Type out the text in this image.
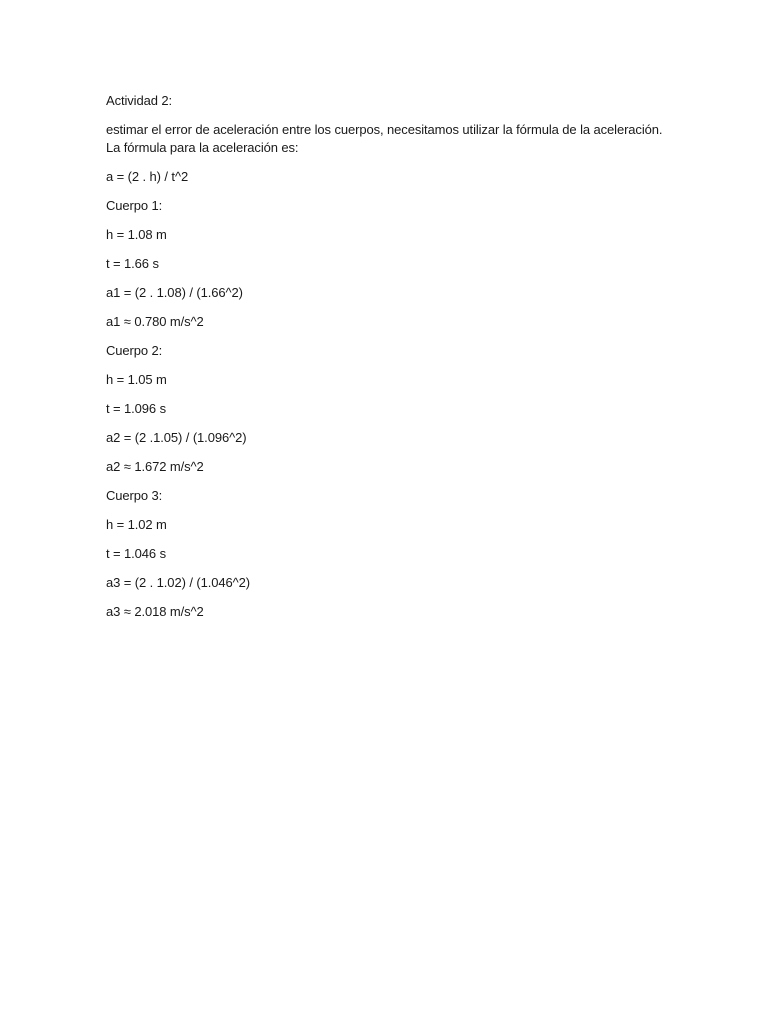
Actividad 2:

estimar el error de aceleración entre los cuerpos, necesitamos utilizar la fórmula de la aceleración.
La fórmula para la aceleración es:

a = (2 . h) / t^2

Cuerpo 1:

h = 1.08 m

t = 1.66 s

a1 = (2 . 1.08) / (1.66^2)

a1 ≈ 0.780 m/s^2

Cuerpo 2:

h = 1.05 m

t = 1.096 s

a2 = (2 .1.05) / (1.096^2)

a2 ≈ 1.672 m/s^2

Cuerpo 3:

h = 1.02 m

t = 1.046 s

a3 = (2 . 1.02) / (1.046^2)

a3 ≈ 2.018 m/s^2
